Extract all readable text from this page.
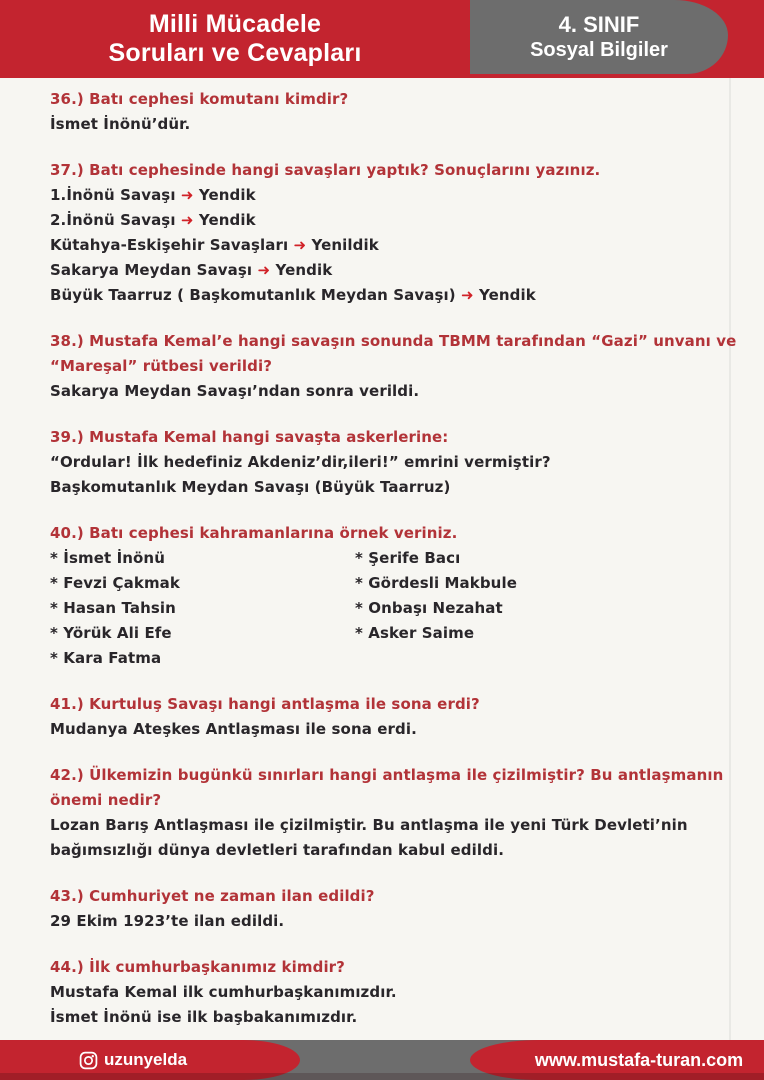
Milli Mücadele
Soruları ve Cevapları
4. SINIF
Sosyal Bilgiler
36.) Batı cephesi komutanı kimdir?
İsmet İnönü’dür.
37.) Batı cephesinde hangi savaşları yaptık? Sonuçlarını yazınız.
1.İnönü Savaşı ➜ Yendik
2.İnönü Savaşı ➜ Yendik
Kütahya-Eskişehir Savaşları ➜ Yenildik
Sakarya Meydan Savaşı ➜ Yendik
Büyük Taarruz ( Başkomutanlık Meydan Savaşı) ➜ Yendik
38.) Mustafa Kemal’e hangi savaşın sonunda TBMM tarafından “Gazi” unvanı ve
“Mareşal” rütbesi verildi?
Sakarya Meydan Savaşı’ndan sonra verildi.
39.) Mustafa Kemal hangi savaşta askerlerine:
“Ordular! İlk hedefiniz Akdeniz’dir,ileri!” emrini vermiştir?
Başkomutanlık Meydan Savaşı (Büyük Taarruz)
40.) Batı cephesi kahramanlarına örnek veriniz.
* İsmet İnönü
* Fevzi Çakmak
* Hasan Tahsin
* Yörük Ali Efe
* Kara Fatma
* Şerife Bacı
* Gördesli Makbule
* Onbaşı Nezahat
* Asker Saime
41.) Kurtuluş Savaşı hangi antlaşma ile sona erdi?
Mudanya Ateşkes Antlaşması ile sona erdi.
42.) Ülkemizin bugünkü sınırları hangi antlaşma ile çizilmiştir? Bu antlaşmanın
önemi nedir?
Lozan Barış Antlaşması ile çizilmiştir. Bu antlaşma ile yeni Türk Devleti’nin
bağımsızlığı dünya devletleri tarafından kabul edildi.
43.) Cumhuriyet ne zaman ilan edildi?
29 Ekim 1923’te ilan edildi.
44.) İlk cumhurbaşkanımız kimdir?
Mustafa Kemal ilk cumhurbaşkanımızdır.
İsmet İnönü ise ilk başbakanımızdır.
uzunyelda	www.mustafa-turan.com
